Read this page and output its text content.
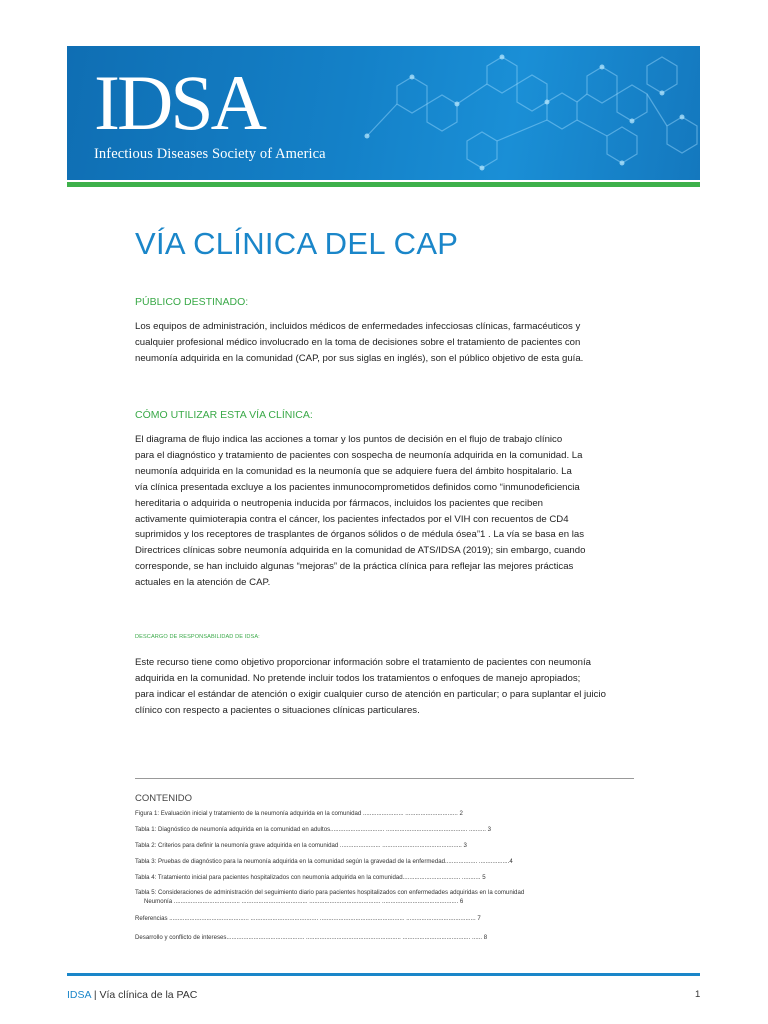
IDSA
Infectious Diseases Society of America
VÍA CLÍNICA DEL CAP
PÚBLICO DESTINADO:
Los equipos de administración, incluidos médicos de enfermedades infecciosas clínicas, farmacéuticos y
cualquier profesional médico involucrado en la toma de decisiones sobre el tratamiento de pacientes con
neumonía adquirida en la comunidad (CAP, por sus siglas en inglés), son el público objetivo de esta guía.
CÓMO UTILIZAR ESTA VÍA CLÍNICA:
El diagrama de flujo indica las acciones a tomar y los puntos de decisión en el flujo de trabajo clínico
para el diagnóstico y tratamiento de pacientes con sospecha de neumonía adquirida en la comunidad. La
neumonía adquirida en la comunidad es la neumonía que se adquiere fuera del ámbito hospitalario. La
vía clínica presentada excluye a los pacientes inmunocomprometidos definidos como “inmunodeficiencia
hereditaria o adquirida o neutropenia inducida por fármacos, incluidos los pacientes que reciben
activamente quimioterapia contra el cáncer, los pacientes infectados por el VIH con recuentos de CD4
suprimidos y los receptores de trasplantes de órganos sólidos o de médula ósea”1 . La vía se basa en las
Directrices clínicas sobre neumonía adquirida en la comunidad de ATS/IDSA (2019); sin embargo, cuando
corresponde, se han incluido algunas “mejoras” de la práctica clínica para reflejar las mejores prácticas
actuales en la atención de CAP.
DESCARGO DE RESPONSABILIDAD DE IDSA:
Este recurso tiene como objetivo proporcionar información sobre el tratamiento de pacientes con neumonía
adquirida en la comunidad. No pretende incluir todos los tratamientos o enfoques de manejo apropiados;
para indicar el estándar de atención o exigir cualquier curso de atención en particular; o para suplantar el juicio
clínico con respecto a pacientes o situaciones clínicas particulares.
CONTENIDO
Figura 1: Evaluación inicial y tratamiento de la neumonía adquirida en la comunidad ........................ ............................... 2
Tabla 1: Diagnóstico de neumonía adquirida en la comunidad en adultos................................ ................................................ .......... 3
Tabla 2: Criterios para definir la neumonía grave adquirida en la comunidad ........................ ............................................... 3
Tabla 3: Pruebas de diagnóstico para la neumonía adquirida en la comunidad según la gravedad de la enfermedad................... ..................4
Tabla 4: Tratamiento inicial para pacientes hospitalizados con neumonía adquirida en la comunidad.................................. ........... 5
Tabla 5: Consideraciones de administración del seguimiento diario para pacientes hospitalizados con enfermedades adquiridas en la comunidad
Neumonía ....................................... ....................................... .......................................... ............................................. 6
Referencias ............................................... ........................................ .................................................. ......................................... 7
Desarrollo y conflicto de intereses.............................................. ........................................................ ........................................ ...... 8
IDSA | Vía clínica de la PAC	1
